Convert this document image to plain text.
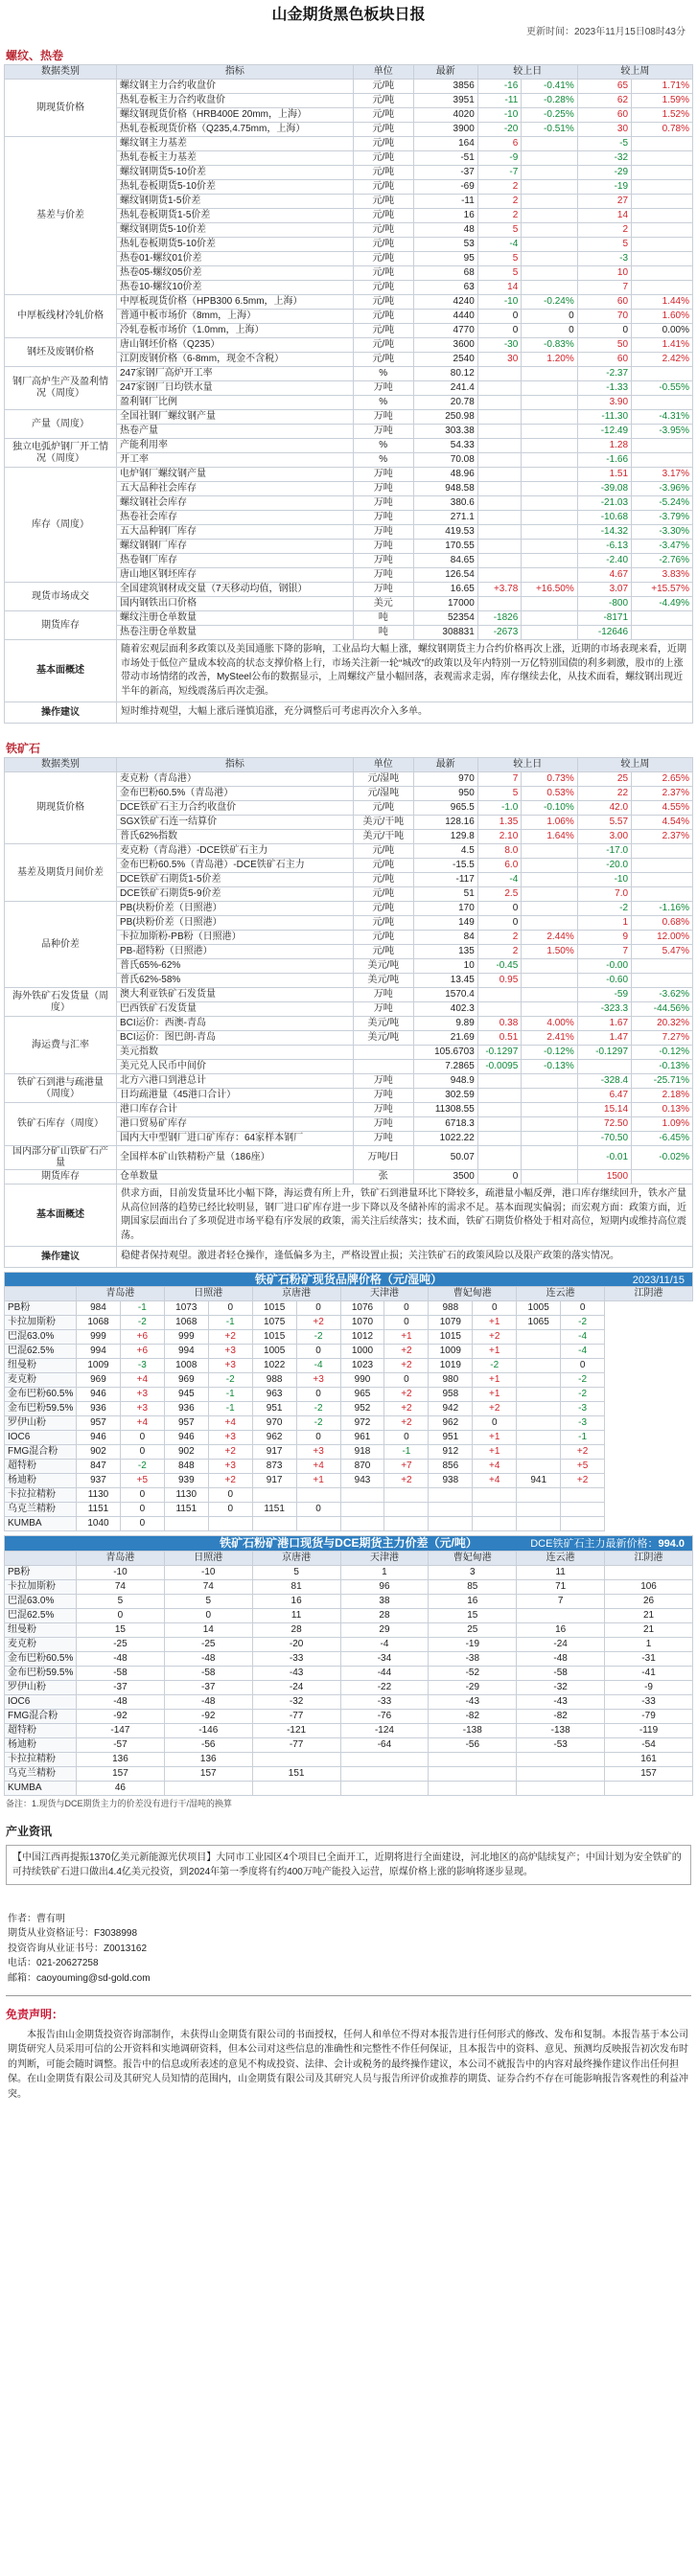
山金期货黑色板块日报
更新时间：2023年11月15日08时43分
螺纹、热卷
数据类别	指标	单位	最新	较上日		较上周	
期现货价格	螺纹钢主力合约收盘价	元/吨	3856	-16	-0.41%	65	1.71%
	热轧卷板主力合约收盘价	元/吨	3951	-11	-0.28%	62	1.59%
	螺纹钢现货价格（HRB400E 20mm，上海）	元/吨	4020	-10	-0.25%	60	1.52%
	热轧卷板现货价格（Q235,4.75mm，上海）	元/吨	3900	-20	-0.51%	30	0.78%
基差与价差	螺纹钢主力基差	元/吨	164	6		-5	
	热轧卷板主力基差	元/吨	-51	-9		-32	
	螺纹钢期货5-10价差	元/吨	-37	-7		-29	
	热轧卷板期货5-10价差	元/吨	-69	2		-19	
	螺纹钢期货1-5价差	元/吨	-11	2		27	
	热轧卷板期货1-5价差	元/吨	16	2		14	
	螺纹钢期货5-10价差	元/吨	48	5		2	
	热轧卷板期货5-10价差	元/吨	53	-4		5	
	热卷01-螺纹01价差	元/吨	95	5		-3	
	热卷05-螺纹05价差	元/吨	68	5		10	
	热卷10-螺纹10价差	元/吨	63	14		7	
中厚板线材冷轧价格	中厚板现货价格（HPB300 6.5mm，上海）	元/吨	4240	-10	-0.24%	60	1.44%
	普通中板市场价（8mm，上海）	元/吨	4440	0	0	70	1.60%
	冷轧卷板市场价（1.0mm，上海）	元/吨	4770	0	0	0	0.00%
钢坯及废钢价格	唐山钢坯价格（Q235）	元/吨	3600	-30	-0.83%	50	1.41%
	江阴废钢价格（6-8mm，现金不含税）	元/吨	2540	30	1.20%	60	2.42%
钢厂高炉生产及盈利情况（周度）	247家钢厂高炉开工率	%	80.12			-2.37	
	247家钢厂日均铁水量	万吨	241.4			-1.33	-0.55%
	盈利钢厂比例	%	20.78			3.90	
产量（周度）	全国社钢厂螺纹钢产量	万吨	250.98			-11.30	-4.31%
	热卷产量	万吨	303.38			-12.49	-3.95%
独立电弧炉钢厂开工情况（周度）	产能利用率	%	54.33			1.28	
	开工率	%	70.08			-1.66	
库存（周度）	电炉钢厂螺纹钢产量	万吨	48.96			1.51	3.17%
	五大品种社会库存	万吨	948.58			-39.08	-3.96%
	螺纹钢社会库存	万吨	380.6			-21.03	-5.24%
	热卷社会库存	万吨	271.1			-10.68	-3.79%
	五大品种钢厂库存	万吨	419.53			-14.32	-3.30%
	螺纹钢钢厂库存	万吨	170.55			-6.13	-3.47%
	热卷钢厂库存	万吨	84.65			-2.40	-2.76%
	唐山地区钢坯库存	万吨	126.54			4.67	3.83%
现货市场成交	全国建筑钢材成交量（7天移动均值，钢银）	万吨	16.65	+3.78	+16.50%	3.07	+15.57%
	国内钢铁出口价格	美元	17000			-800	-4.49%
期货库存	螺纹注册仓单数量	吨	52354	-1826		-8171	
	热卷注册仓单数量	吨	308831	-2673		-12646	
基本面概述	随着宏观层面利多政策以及美国通胀下降的影响，工业品均大幅上涨，螺纹钢期货主力合约价格再次上涨，近期的市场表现来看，近期市场处于低位产量成本较高的状态支撑价格上行，市场关注新一轮“城改”的政策以及年内特别一万亿特别国债的利多刺激，股市的上涨带动市场情绪的改善，MySteel公布的数据显示，上周螺纹产量小幅回落，表观需求走弱，库存继续去化，从技术面看，螺纹钢出现近半年的新高，短线震荡后再次走强。						
操作建议	短时维持观望，大幅上涨后谨慎追涨，充分调整后可考虑再次介入多单。						
铁矿石
数据类别	指标	单位	最新	较上日		较上周	
期现货价格	麦克粉（青岛港）	元/湿吨	970	7	0.73%	25	2.65%
	金布巴粉60.5%（青岛港）	元/湿吨	950	5	0.53%	22	2.37%
	DCE铁矿石主力合约收盘价	元/吨	965.5	-1.0	-0.10%	42.0	4.55%
	SGX铁矿石连一结算价	美元/干吨	128.16	1.35	1.06%	5.57	4.54%
	普氏62%指数	美元/干吨	129.8	2.10	1.64%	3.00	2.37%
基差及期货月间价差	麦克粉（青岛港）-DCE铁矿石主力	元/吨	4.5	8.0		-17.0	
	金布巴粉60.5%（青岛港）-DCE铁矿石主力	元/吨	-15.5	6.0		-20.0	
	DCE铁矿石期货1-5价差	元/吨	-117	-4		-10	
	DCE铁矿石期货5-9价差	元/吨	51	2.5		7.0	
品种价差	PB(块粉价差（日照港）	元/吨	170	0		-2	-1.16%
	PB(块粉价差（日照港）	元/吨	149	0		1	0.68%
	卡拉加斯粉-PB粉（日照港）	元/吨	84	2	2.44%	9	12.00%
	PB-超特粉（日照港）	元/吨	135	2	1.50%	7	5.47%
	普氏65%-62%	美元/吨	10	-0.45		-0.00	
	普氏62%-58%	美元/吨	13.45	0.95		-0.60	
海外铁矿石发货量（周度）	澳大利亚铁矿石发货量	万吨	1570.4			-59	-3.62%
	巴西铁矿石发货量	万吨	402.3			-323.3	-44.56%
海运费与汇率	BCI运价：西澳-青岛	美元/吨	9.89	0.38	4.00%	1.67	20.32%
	BCI运价：图巴朗-青岛	美元/吨	21.69	0.51	2.41%	1.47	7.27%
	美元指数		105.6703	-0.1297	-0.12%	-0.1297	-0.12%
	美元兑人民币中间价		7.2865	-0.0095	-0.13%		-0.13%
铁矿石到港与疏港量（周度）	北方六港口到港总计	万吨	948.9			-328.4	-25.71%
	日均疏港量（45港口合计）	万吨	302.59			6.47	2.18%
铁矿石库存（周度）	港口库存合计	万吨	11308.55			15.14	0.13%
	港口贸易矿库存	万吨	6718.3			72.50	1.09%
	国内大中型钢厂进口矿库存：64家样本钢厂	万吨	1022.22			-70.50	-6.45%
国内部分矿山铁矿石产量	全国样本矿山铁精粉产量（186座）	万吨/日	50.07			-0.01	-0.02%
期货库存	仓单数量	张	3500	0		1500	
基本面概述	供求方面，目前发货量环比小幅下降，海运费有所上升，铁矿石到港量环比下降较多，疏港量小幅反弹，港口库存继续回升，铁水产量从高位回落的趋势已经比较明显，钢厂进口矿库存进一步下降以及冬储补库的需求不足。基本面现实偏弱；而宏观方面：政策方面，近期国家层面出台了多项促进市场平稳有序发展的政策，需关注后续落实；技术面，铁矿石期货价格处于相对高位，短期内或维持高位震荡。						
操作建议	稳健者保持观望。激进者轻仓操作，逢低偏多为主，严格设置止损；关注铁矿石的政策风险以及限产政策的落实情况。						
铁矿石粉矿现货品牌价格（元/湿吨） 2023/11/15													

	青岛港		日照港		京唐港		天津港		曹妃甸港		连云港		江阴港
PB粉	984	-1	1073	0	1015	0	1076	0	988	0	1005	0	
卡拉加斯粉	1068	-2	1068	-1	1075	+2	1070	0	1079	+1	1065	-2	
巴混63.0%	999	+6	999	+2	1015	-2	1012	+1	1015	+2		-4	
巴混62.5%	994	+6	994	+3	1005	0	1000	+2	1009	+1		-4	
纽曼粉	1009	-3	1008	+3	1022	-4	1023	+2	1019	-2		0	
麦克粉	969	+4	969	-2	988	+3	990	0	980	+1		-2	
金布巴粉60.5%	946	+3	945	-1	963	0	965	+2	958	+1		-2	
金布巴粉59.5%	936	+3	936	-1	951	-2	952	+2	942	+2		-3	
罗伊山粉	957	+4	957	+4	970	-2	972	+2	962	0		-3	
IOC6	946	0	946	+3	962	0	961	0	951	+1		-1	
FMG混合粉	902	0	902	+2	917	+3	918	-1	912	+1		+2	
超特粉	847	-2	848	+3	873	+4	870	+7	856	+4		+5	
杨迪粉	937	+5	939	+2	917	+1	943	+2	938	+4	941	+2	
卡拉拉精粉	1130	0	1130	0									
乌克兰精粉	1151	0	1151	0	1151	0							
KUMBA	1040	0											
铁矿石粉矿港口现货与DCE期货主力价差（元/吨） DCE铁矿石主力最新价格：994.0							

	青岛港	日照港	京唐港	天津港	曹妃甸港	连云港	江阴港
PB粉	-10	-10	5	1	3	11	
卡拉加斯粉	74	74	81	96	85	71	106
巴混63.0%	5	5	16	38	16	7	26
巴混62.5%	0	0	11	28	15		21
纽曼粉	15	14	28	29	25	16	21
麦克粉	-25	-25	-20	-4	-19	-24	1
金布巴粉60.5%	-48	-48	-33	-34	-38	-48	-31
金布巴粉59.5%	-58	-58	-43	-44	-52	-58	-41
罗伊山粉	-37	-37	-24	-22	-29	-32	-9
IOC6	-48	-48	-32	-33	-43	-43	-33
FMG混合粉	-92	-92	-77	-76	-82	-82	-79
超特粉	-147	-146	-121	-124	-138	-138	-119
杨迪粉	-57	-56	-77	-64	-56	-53	-54
卡拉拉精粉	136	136					161
乌克兰精粉	157	157	151				157
KUMBA	46						
备注：1.现货与DCE期货主力的价差没有进行干/湿吨的换算
产业资讯
【中国江西再提振1370亿美元新能源光伏项目】大同市工业园区4个项目已全面开工，近期将进行全面建设，河北地区的高炉陆续复产；中国计划为安全铁矿的可持续铁矿石进口做出4.4亿美元投资，到2024年第一季度将有约400万吨产能投入运营，原煤价格上涨的影响将逐步显现。
作者：曹有明
期货从业资格证号：F3038998
投资咨询从业证书号：Z0013162
电话：021-20627258
邮箱：caoyouming@sd-gold.com
免责声明：
本报告由山金期货投资咨询部制作，未获得山金期货有限公司的书面授权，任何人和单位不得对本报告进行任何形式的修改、发布和复制。本报告基于本公司期货研究人员采用可信的公开资料和实地调研资料，但本公司对这些信息的准确性和完整性不作任何保证，且本报告中的资料、意见、预测均反映报告初次发布时的判断，可能会随时调整。报告中的信息或所表述的意见不构成投资、法律、会计或税务的最终操作建议，本公司不就报告中的内容对最终操作建议作出任何担保。在山金期货有限公司及其研究人员知情的范围内，山金期货有限公司及其研究人员与报告所评价或推荐的期货、证券合约不存在可能影响报告客观性的利益冲突。
